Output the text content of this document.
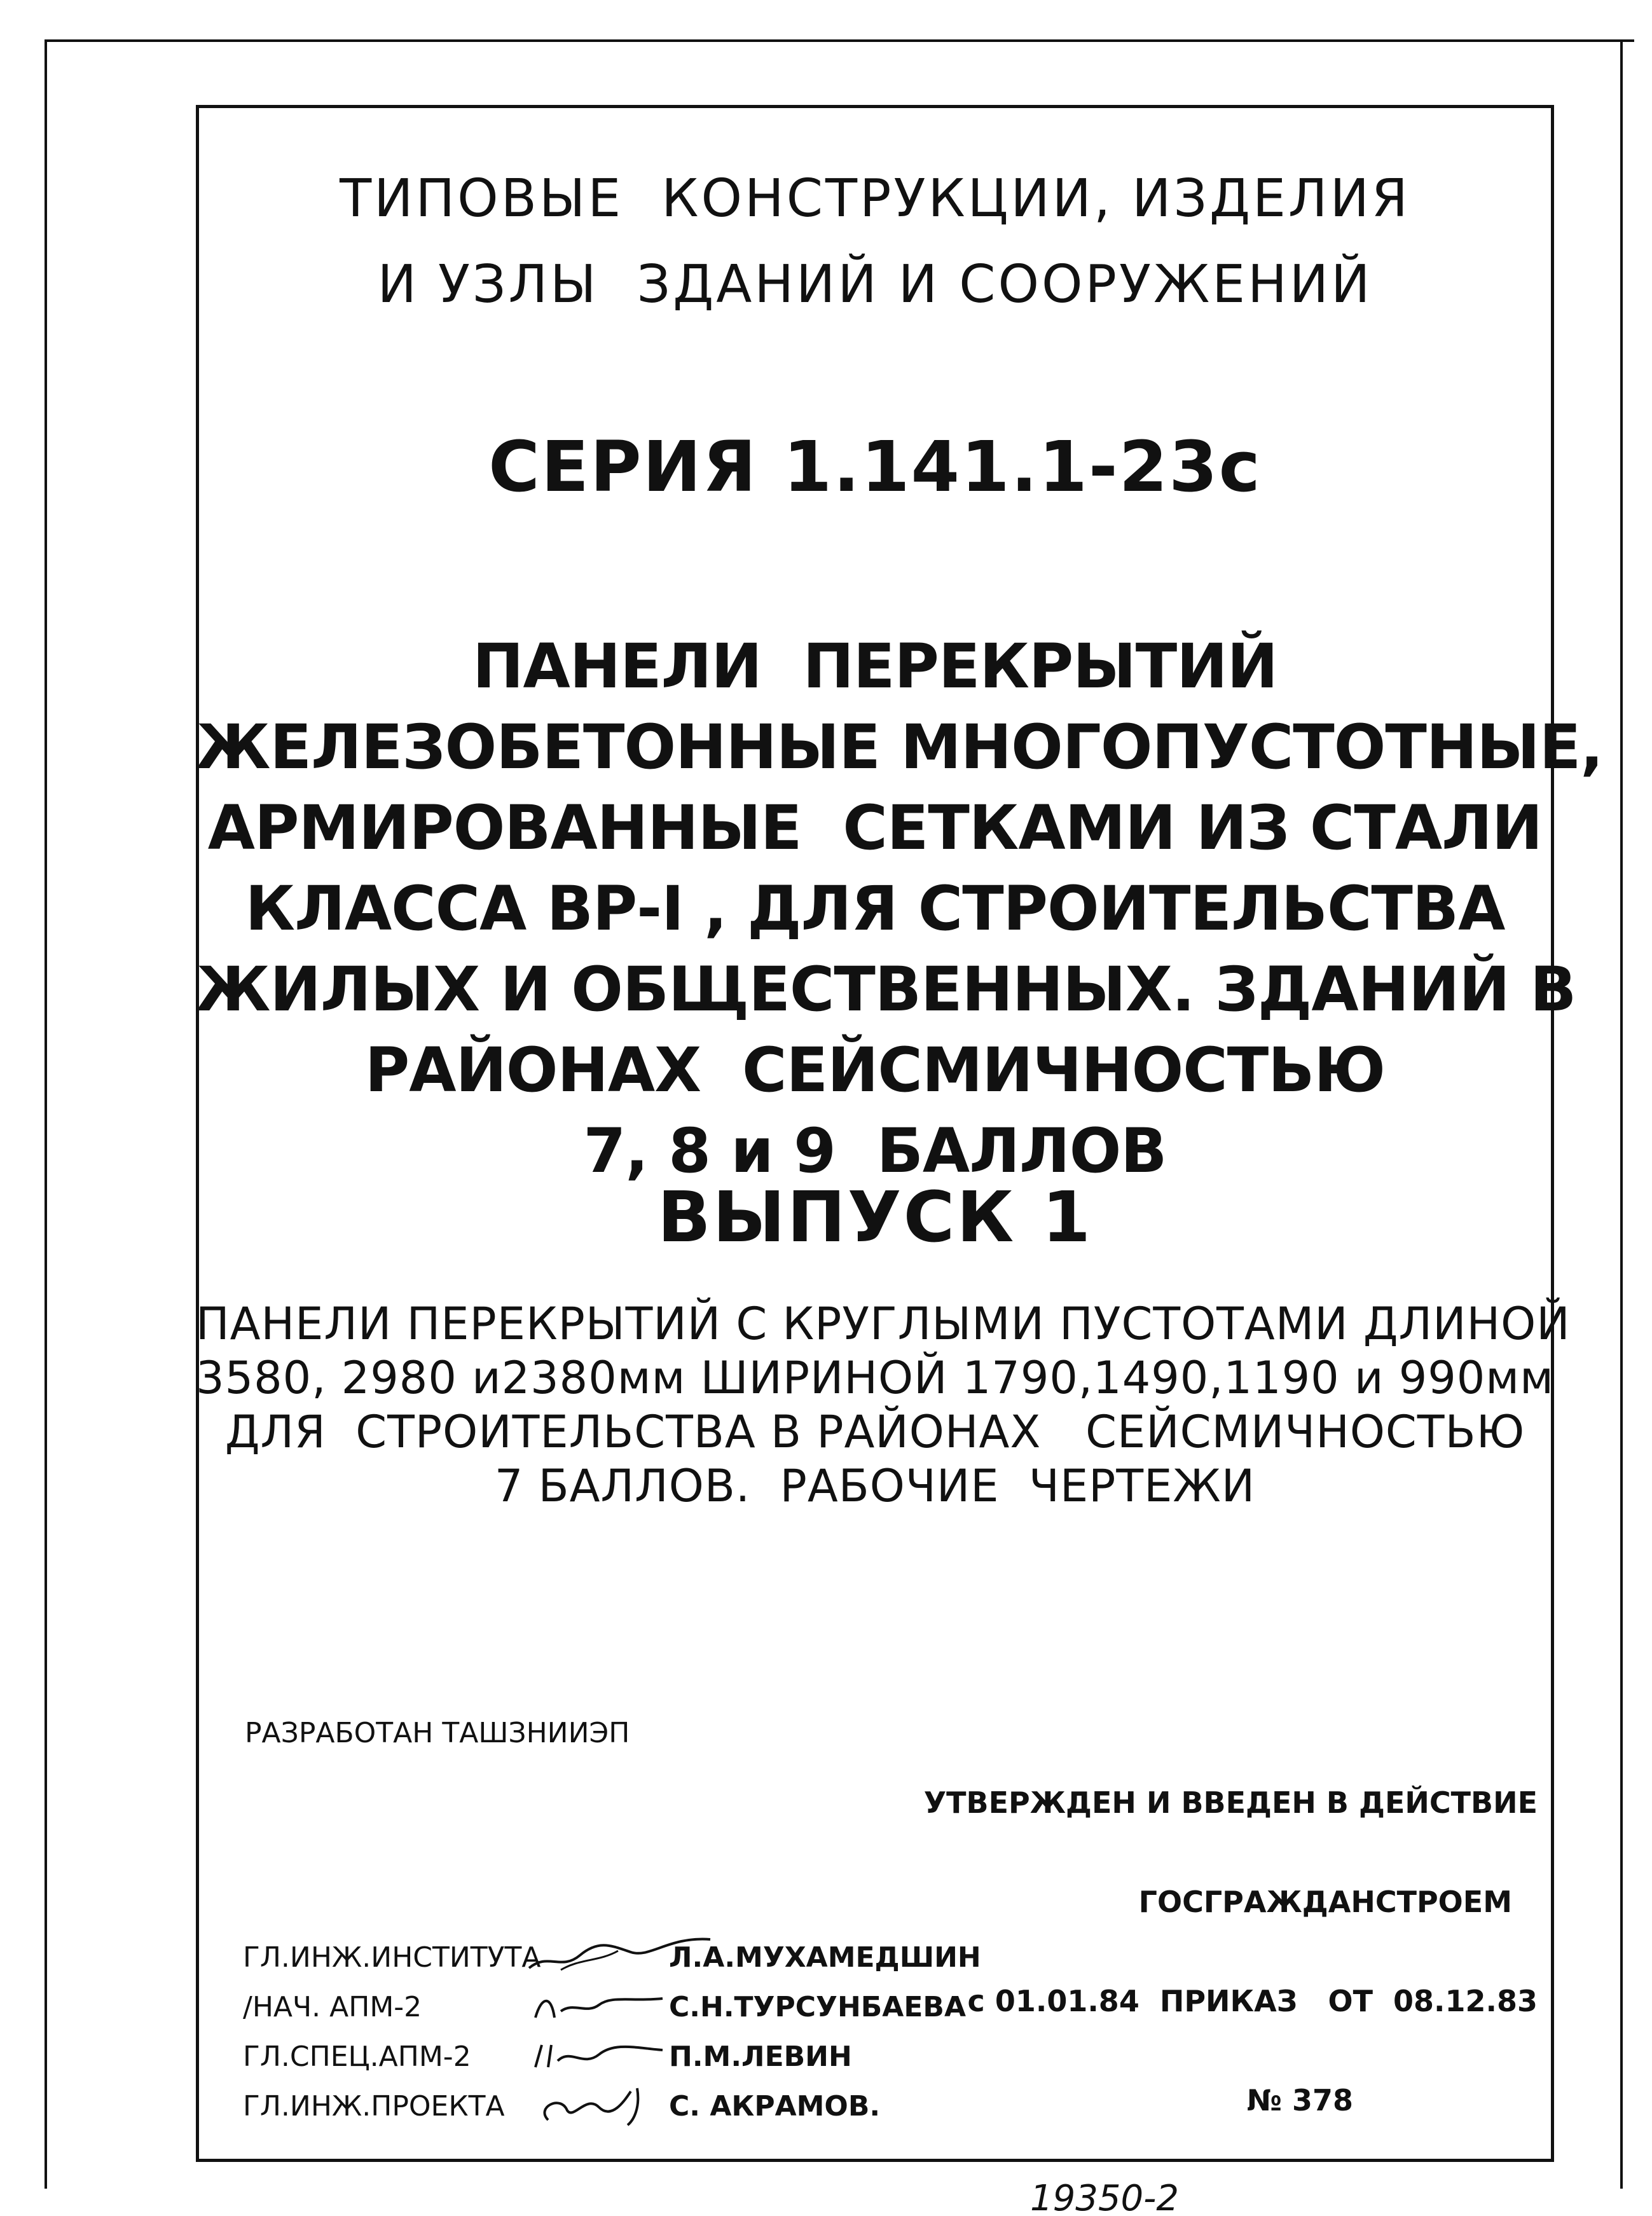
ТИПОВЫЕ  КОНСТРУКЦИИ, ИЗДЕЛИЯ
И УЗЛЫ  ЗДАНИЙ И СООРУЖЕНИЙ
СЕРИЯ 1.141.1-23с
ПАНЕЛИ  ПЕРЕКРЫТИЙ
ЖЕЛЕЗОБЕТОННЫЕ МНОГОПУСТОТНЫЕ,
АРМИРОВАННЫЕ  СЕТКАМИ ИЗ СТАЛИ
КЛАССА ВР-I , ДЛЯ СТРОИТЕЛЬСТВА
ЖИЛЫХ И ОБЩЕСТВЕННЫХ. ЗДАНИЙ В
РАЙОНАХ  СЕЙСМИЧНОСТЬЮ
7, 8 и 9  БАЛЛОВ
ВЫПУСК 1
ПАНЕЛИ ПЕРЕКРЫТИЙ С КРУГЛЫМИ ПУСТОТАМИ ДЛИНОЙ
3580, 2980 и2380мм ШИРИНОЙ 1790,1490,1190 и 990мм
ДЛЯ  СТРОИТЕЛЬСТВА В РАЙОНАХ   СЕЙСМИЧНОСТЬЮ
7 БАЛЛОВ.  РАБОЧИЕ  ЧЕРТЕЖИ
РАЗРАБОТАН ТАШЗНИИЭП

УТВЕРЖДЕН И ВВЕДЕН В ДЕЙСТВИЕ

ГОСГРАЖДАНСТРОЕМ

с 01.01.84  ПРИКАЗ   ОТ  08.12.83

№ 378

ГЛ.ИНЖ.ИНСТИТУТА	Л.А.МУХАМЕДШИН
/НАЧ. АПМ-2	С.Н.ТУРСУНБАЕВА
ГЛ.СПЕЦ.АПМ-2	П.М.ЛЕВИН
ГЛ.ИНЖ.ПРОЕКТА	С. АКРАМОВ.
19350-2
